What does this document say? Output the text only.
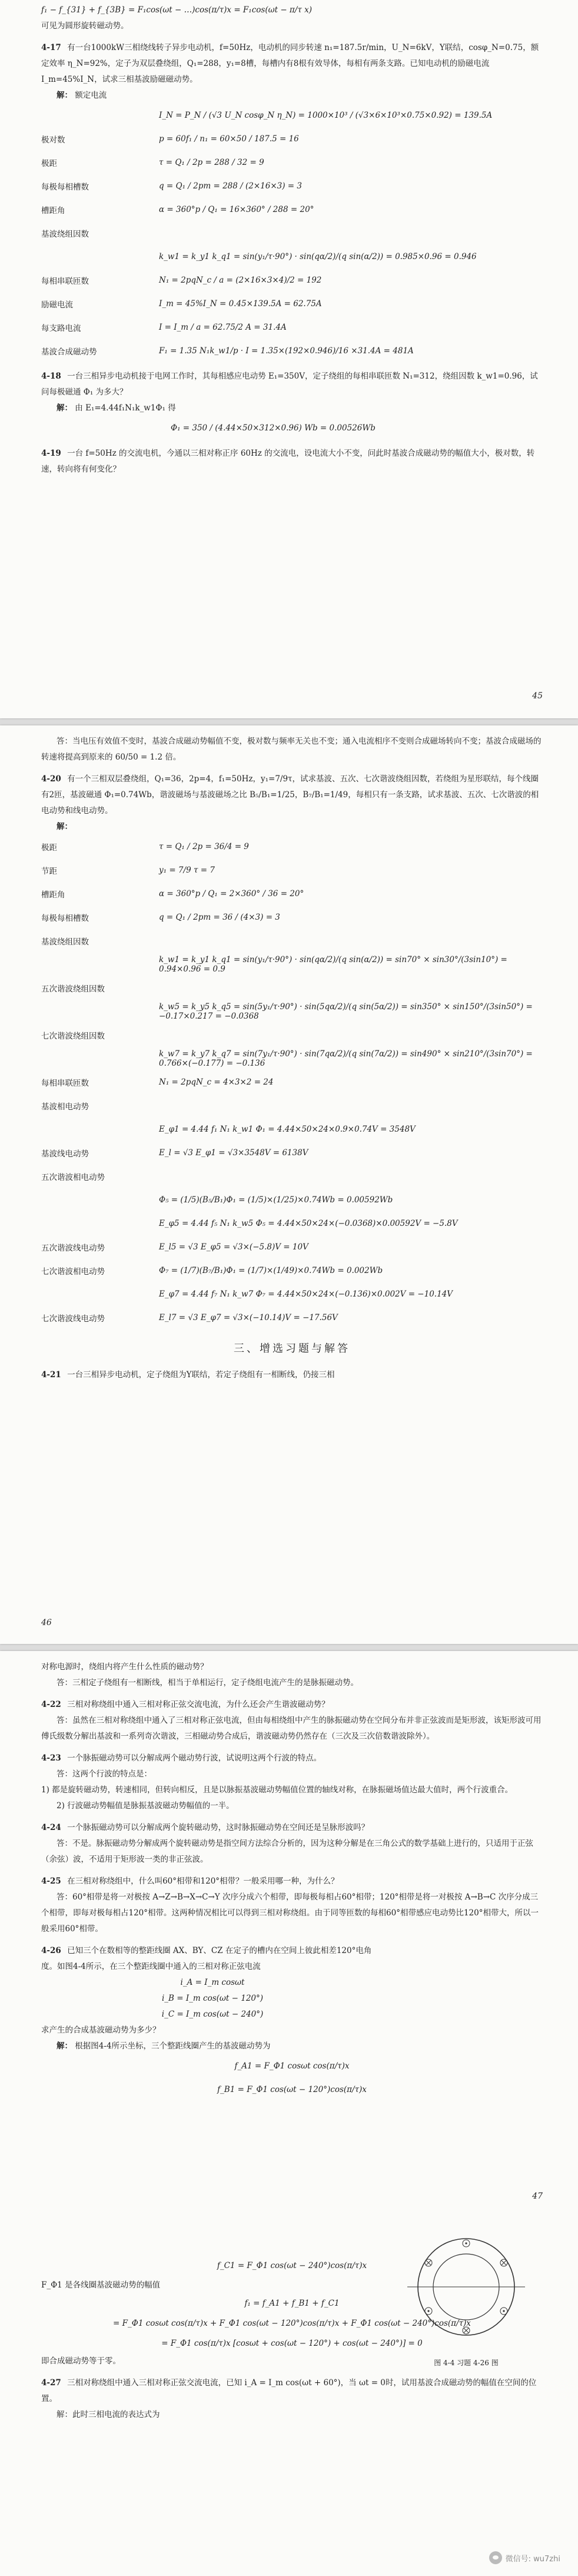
f₁ − f_{31} + f_{3B} = F₁cos(ωt − …)cos(π/τ)x = F₁cos(ωt − π/τ x)

可见为圆形旋转磁动势。

4-17 有一台1000kW三相绕线转子异步电动机，f=50Hz，电动机的同步转速 n₁=187.5r/min，U_N=6kV，Y联结，cosφ_N=0.75，额定效率 η_N=92%，定子为双层叠绕组，Q₁=288，y₁=8槽，每槽内有8根有效导体，每相有两条支路。已知电动机的励磁电流 I_m=45%I_N，试求三相基波励磁磁动势。

解： 额定电流

I_N = P_N / (√3 U_N cosφ_N η_N) = 1000×10³ / (√3×6×10³×0.75×0.92) = 139.5A
极对数	p = 60f₁ / n₁ = 60×50 / 187.5 = 16
极距	τ = Q₁ / 2p = 288 / 32 = 9
每极每相槽数	q = Q₁ / 2pm = 288 / (2×16×3) = 3
槽距角	α = 360°p / Q₁ = 16×360° / 288 = 20°
基波绕组因数
k_w1 = k_y1 k_q1 = sin(y₁/τ·90°) · sin(qα/2)/(q sin(α/2)) = 0.985×0.96 = 0.946
每相串联匝数	N₁ = 2pqN_c / a = (2×16×3×4)/2 = 192
励磁电流	I_m = 45%I_N = 0.45×139.5A = 62.75A
每支路电流	I = I_m / a = 62.75/2 A = 31.4A
基波合成磁动势	F₁ = 1.35 N₁k_w1/p · I = 1.35×(192×0.946)/16 ×31.4A = 481A

4-18 一台三相异步电动机接于电网工作时，其每相感应电动势 E₁=350V，定子绕组的每相串联匝数 N₁=312，绕组因数 k_w1=0.96，试问每极磁通 Φ₁ 为多大？

解： 由 E₁=4.44f₁N₁k_w1Φ₁ 得

Φ₁ = 350 / (4.44×50×312×0.96) Wb = 0.00526Wb

4-19 一台 f=50Hz 的交流电机，今通以三相对称正序 60Hz 的交流电，设电流大小不变，问此时基波合成磁动势的幅值大小，极对数，转速，转向将有何变化？

45

答：当电压有效值不变时，基波合成磁动势幅值不变，极对数与频率无关也不变；通入电流相序不变则合成磁场转向不变；基波合成磁场的转速将提高到原来的 60/50 = 1.2 倍。

4-20 有一个三相双层叠绕组，Q₁=36，2p=4，f₁=50Hz，y₁=7/9τ，试求基波、五次、七次谐波绕组因数，若绕组为星形联结，每个线圈有2匝，基波磁通 Φ₁=0.74Wb，谐波磁场与基波磁场之比 B₅/B₁=1/25，B₇/B₁=1/49，每相只有一条支路，试求基波、五次、七次谐波的相电动势和线电动势。

解：

极距	τ = Q₁ / 2p = 36/4 = 9
节距	y₁ = 7/9 τ = 7
槽距角	α = 360°p / Q₁ = 2×360° / 36 = 20°
每极每相槽数	q = Q₁ / 2pm = 36 / (4×3) = 3
基波绕组因数
k_w1 = k_y1 k_q1 = sin(y₁/τ·90°) · sin(qα/2)/(q sin(α/2)) = sin70° × sin30°/(3sin10°) = 0.94×0.96 = 0.9
五次谐波绕组因数
k_w5 = k_y5 k_q5 = sin(5y₁/τ·90°) · sin(5qα/2)/(q sin(5α/2)) = sin350° × sin150°/(3sin50°) = −0.17×0.217 = −0.0368
七次谐波绕组因数
k_w7 = k_y7 k_q7 = sin(7y₁/τ·90°) · sin(7qα/2)/(q sin(7α/2)) = sin490° × sin210°/(3sin70°) = 0.766×(−0.177) = −0.136
每相串联匝数	N₁ = 2pqN_c = 4×3×2 = 24
基波相电动势
E_φ1 = 4.44 f₁ N₁ k_w1 Φ₁ = 4.44×50×24×0.9×0.74V = 3548V
基波线电动势	E_l = √3 E_φ1 = √3×3548V = 6138V
五次谐波相电动势
Φ₅ = (1/5)(B₅/B₁)Φ₁ = (1/5)×(1/25)×0.74Wb = 0.00592Wb
E_φ5 = 4.44 f₅ N₁ k_w5 Φ₅ = 4.44×50×24×(−0.0368)×0.00592V = −5.8V
五次谐波线电动势	E_l5 = √3 E_φ5 = √3×(−5.8)V = 10V
七次谐波相电动势	Φ₇ = (1/7)(B₇/B₁)Φ₁ = (1/7)×(1/49)×0.74Wb = 0.002Wb
E_φ7 = 4.44 f₇ N₁ k_w7 Φ₇ = 4.44×50×24×(−0.136)×0.002V = −10.14V
七次谐波线电动势	E_l7 = √3 E_φ7 = √3×(−10.14)V = −17.56V
三、增选习题与解答

4-21 一台三相异步电动机，定子绕组为Y联结，若定子绕组有一相断线，仍接三相

46

对称电源时，绕组内将产生什么性质的磁动势？

答：三相定子绕组有一相断线，相当于单相运行，定子绕组电流产生的是脉振磁动势。

4-22 三相对称绕组中通入三相对称正弦交流电流，为什么还会产生谐波磁动势？

答：虽然在三相对称绕组中通入了三相对称正弦电流，但由每相绕组中产生的脉振磁动势在空间分布并非正弦波而是矩形波，该矩形波可用傅氏级数分解出基波和一系列奇次谐波，三相磁动势合成后，谐波磁动势仍然存在（三次及三次倍数谐波除外）。

4-23 一个脉振磁动势可以分解成两个磁动势行波，试说明这两个行波的特点。

答：这两个行波的特点是：

1) 都是旋转磁动势，转速相同，但转向相反，且是以脉振基波磁动势幅值位置的轴线对称，在脉振磁场值达最大值时，两个行波重合。

2) 行波磁动势幅值是脉振基波磁动势幅值的一半。

4-24 一个脉振磁动势可以分解成两个旋转磁动势，这时脉振磁动势在空间还是呈脉形波吗？

答：不是。脉振磁动势分解成两个旋转磁动势是指空间方法综合分析的，因为这种分解是在三角公式的数学基础上进行的，只适用于正弦（余弦）波，不适用于矩形波一类的非正弦波。

4-25 在三相对称绕组中，什么叫60°相带和120°相带？一般采用哪一种，为什么？

答：60°相带是将一对极按 A→Z→B→X→C→Y 次序分成六个相带，即每极每相占60°相带；120°相带是将一对极按 A→B→C 次序分成三个相带，即每对极每相占120°相带。这两种情况相比可以得到三相对称绕组。由于同等匝数的每相60°相带感应电动势比120°相带大，所以一般采用60°相带。

4-26 已知三个在数相等的整距线圈 AX、BY、CZ 在定子的槽内在空间上彼此相差120°电角度。如图4-4所示，在三个整距线圈中通入的三相对称正弦电流

i_A = I_m cosωt

i_B = I_m cos(ωt − 120°)

i_C = I_m cos(ωt − 240°)

求产生的合成基波磁动势为多少？

解： 根据图4-4所示坐标，三个整距线圈产生的基波磁动势为

f_A1 = F_Φ1 cosωt cos(π/τ)x

f_B1 = F_Φ1 cos(ωt − 120°)cos(π/τ)x

47

f_C1 = F_Φ1 cos(ωt − 240°)cos(π/τ)x

F_Φ1 是各线圈基波磁动势的幅值

f₁ = f_A1 + f_B1 + f_C1

= F_Φ1 cosωt cos(π/τ)x + F_Φ1 cos(ωt − 120°)cos(π/τ)x + F_Φ1 cos(ωt − 240°)cos(π/τ)x

= F_Φ1 cos(π/τ)x [cosωt + cos(ωt − 120°) + cos(ωt − 240°)] = 0

即合成磁动势等于零。

4-27 三相对称绕组中通入三相对称正弦交流电流，已知 i_A = I_m cos(ωt + 60°)，当 ωt = 0时，试用基波合成磁动势的幅值在空间的位置。

解：此时三相电流的表达式为

图 4-4 习题 4-26 图
微信号: wu7zhi
